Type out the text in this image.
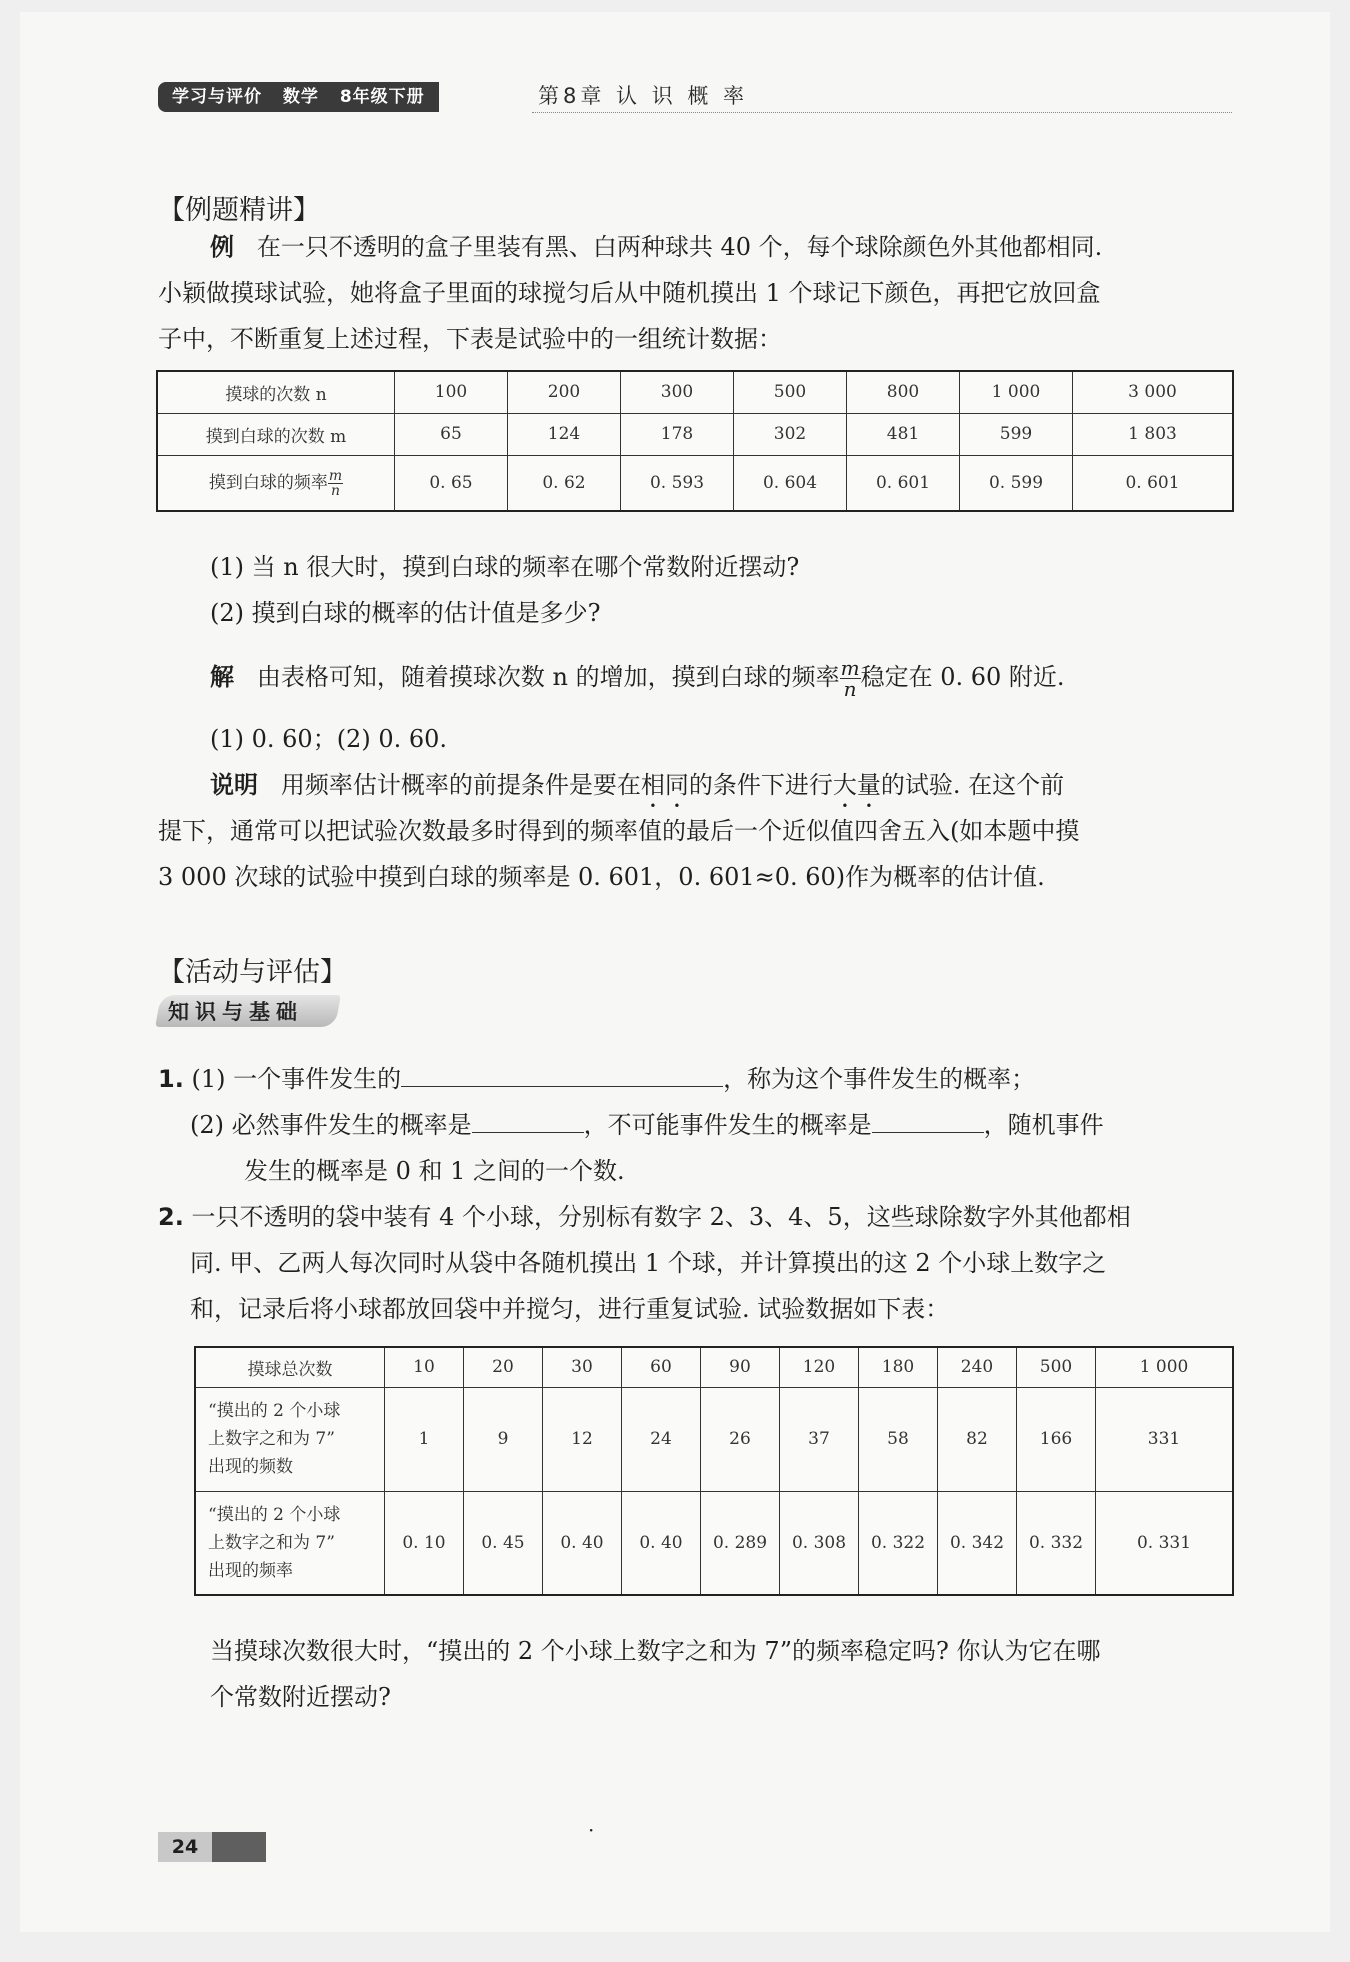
学习与评价 数学 8年级下册	第8章 认 识 概 率
【例题精讲】
例 在一只不透明的盒子里装有黑、白两种球共 40 个，每个球除颜色外其他都相同.
小颖做摸球试验，她将盒子里面的球搅匀后从中随机摸出 1 个球记下颜色，再把它放回盒
子中，不断重复上述过程，下表是试验中的一组统计数据：
摸球的次数 n	100	200	300	500	800	1 000	3 000
摸到白球的次数 m	65	124	178	302	481	599	1 803
摸到白球的频率 $\frac{m}{n}$	0. 65	0. 62	0. 593	0. 604	0. 601	0. 599	0. 601
(1) 当 n 很大时，摸到白球的频率在哪个常数附近摆动?
(2) 摸到白球的概率的估计值是多少?
解 由表格可知，随着摸球次数 n 的增加，摸到白球的频率 $\frac{m}{n}$ 稳定在 0. 60 附近.
(1) 0. 60；(2) 0. 60.
说明 用频率估计概率的前提条件是要在相同的条件下进行大量的试验. 在这个前
提下，通常可以把试验次数最多时得到的频率值的最后一个近似值四舍五入(如本题中摸
3 000 次球的试验中摸到白球的频率是 0. 601，0. 601≈0. 60)作为概率的估计值.
【活动与评估】
知识与基础
1. (1) 一个事件发生的	，称为这个事件发生的概率；
(2) 必然事件发生的概率是	，不可能事件发生的概率是	，随机事件
发生的概率是 0 和 1 之间的一个数.
2. 一只不透明的袋中装有 4 个小球，分别标有数字 2、3、4、5，这些球除数字外其他都相
同. 甲、乙两人每次同时从袋中各随机摸出 1 个球，并计算摸出的这 2 个小球上数字之
和，记录后将小球都放回袋中并搅匀，进行重复试验. 试验数据如下表：
摸球总次数	10	20	30	60	90	120	180	240	500	1 000

“摸出的 2 个小球
上数字之和为 7”
出现的频数	1	9	12	24	26	37	58	82	166	331

“摸出的 2 个小球
上数字之和为 7”
出现的频率	0. 10	0. 45	0. 40	0. 40	0. 289	0. 308	0. 322	0. 342	0. 332	0. 331
当摸球次数很大时，“摸出的 2 个小球上数字之和为 7”的频率稳定吗? 你认为它在哪
个常数附近摆动?
24
·
